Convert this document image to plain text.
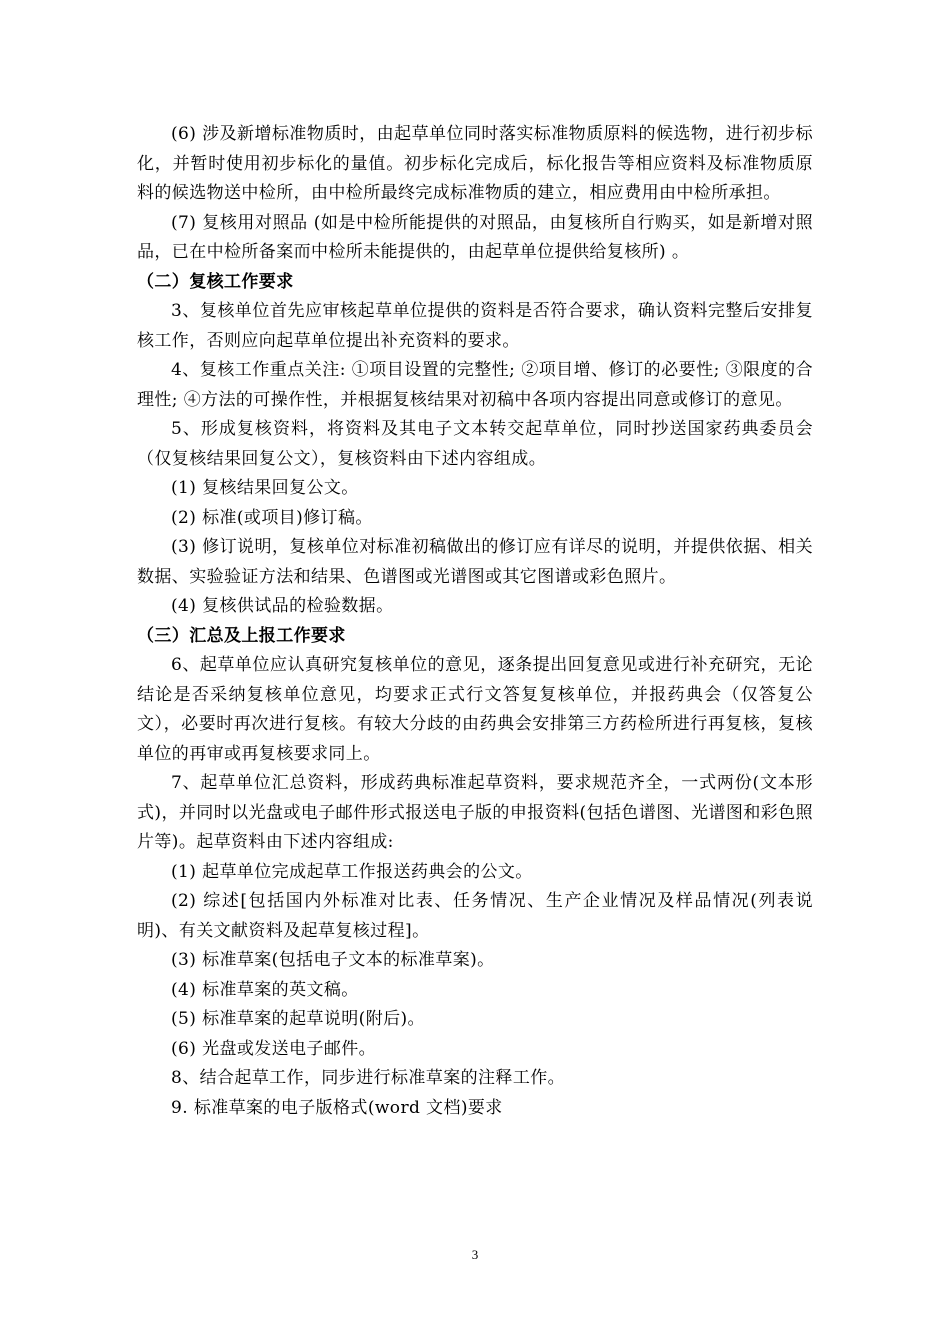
(6) 涉及新增标准物质时，由起草单位同时落实标准物质原料的候选物，进行初步标化，并暂时使用初步标化的量值。初步标化完成后，标化报告等相应资料及标准物质原料的候选物送中检所，由中检所最终完成标准物质的建立，相应费用由中检所承担。

(7) 复核用对照品 (如是中检所能提供的对照品，由复核所自行购买，如是新增对照品，已在中检所备案而中检所未能提供的，由起草单位提供给复核所) 。

（二）复核工作要求

3、复核单位首先应审核起草单位提供的资料是否符合要求，确认资料完整后安排复核工作，否则应向起草单位提出补充资料的要求。

4、复核工作重点关注: ①项目设置的完整性; ②项目增、修订的必要性; ③限度的合理性; ④方法的可操作性，并根据复核结果对初稿中各项内容提出同意或修订的意见。

5、形成复核资料，将资料及其电子文本转交起草单位，同时抄送国家药典委员会（仅复核结果回复公文），复核资料由下述内容组成。

(1) 复核结果回复公文。

(2) 标准(或项目)修订稿。

(3) 修订说明，复核单位对标准初稿做出的修订应有详尽的说明，并提供依据、相关数据、实验验证方法和结果、色谱图或光谱图或其它图谱或彩色照片。

(4) 复核供试品的检验数据。

（三）汇总及上报工作要求

6、起草单位应认真研究复核单位的意见，逐条提出回复意见或进行补充研究，无论结论是否采纳复核单位意见，均要求正式行文答复复核单位，并报药典会（仅答复公文），必要时再次进行复核。有较大分歧的由药典会安排第三方药检所进行再复核，复核单位的再审或再复核要求同上。

7、起草单位汇总资料，形成药典标准起草资料，要求规范齐全，一式两份(文本形式)，并同时以光盘或电子邮件形式报送电子版的申报资料(包括色谱图、光谱图和彩色照片等)。起草资料由下述内容组成:

(1) 起草单位完成起草工作报送药典会的公文。

(2) 综述[包括国内外标准对比表、任务情况、生产企业情况及样品情况(列表说明)、有关文献资料及起草复核过程]。

(3) 标准草案(包括电子文本的标准草案)。

(4) 标准草案的英文稿。

(5) 标准草案的起草说明(附后)。

(6) 光盘或发送电子邮件。

8、结合起草工作，同步进行标准草案的注释工作。

9. 标准草案的电子版格式(word 文档)要求

3
